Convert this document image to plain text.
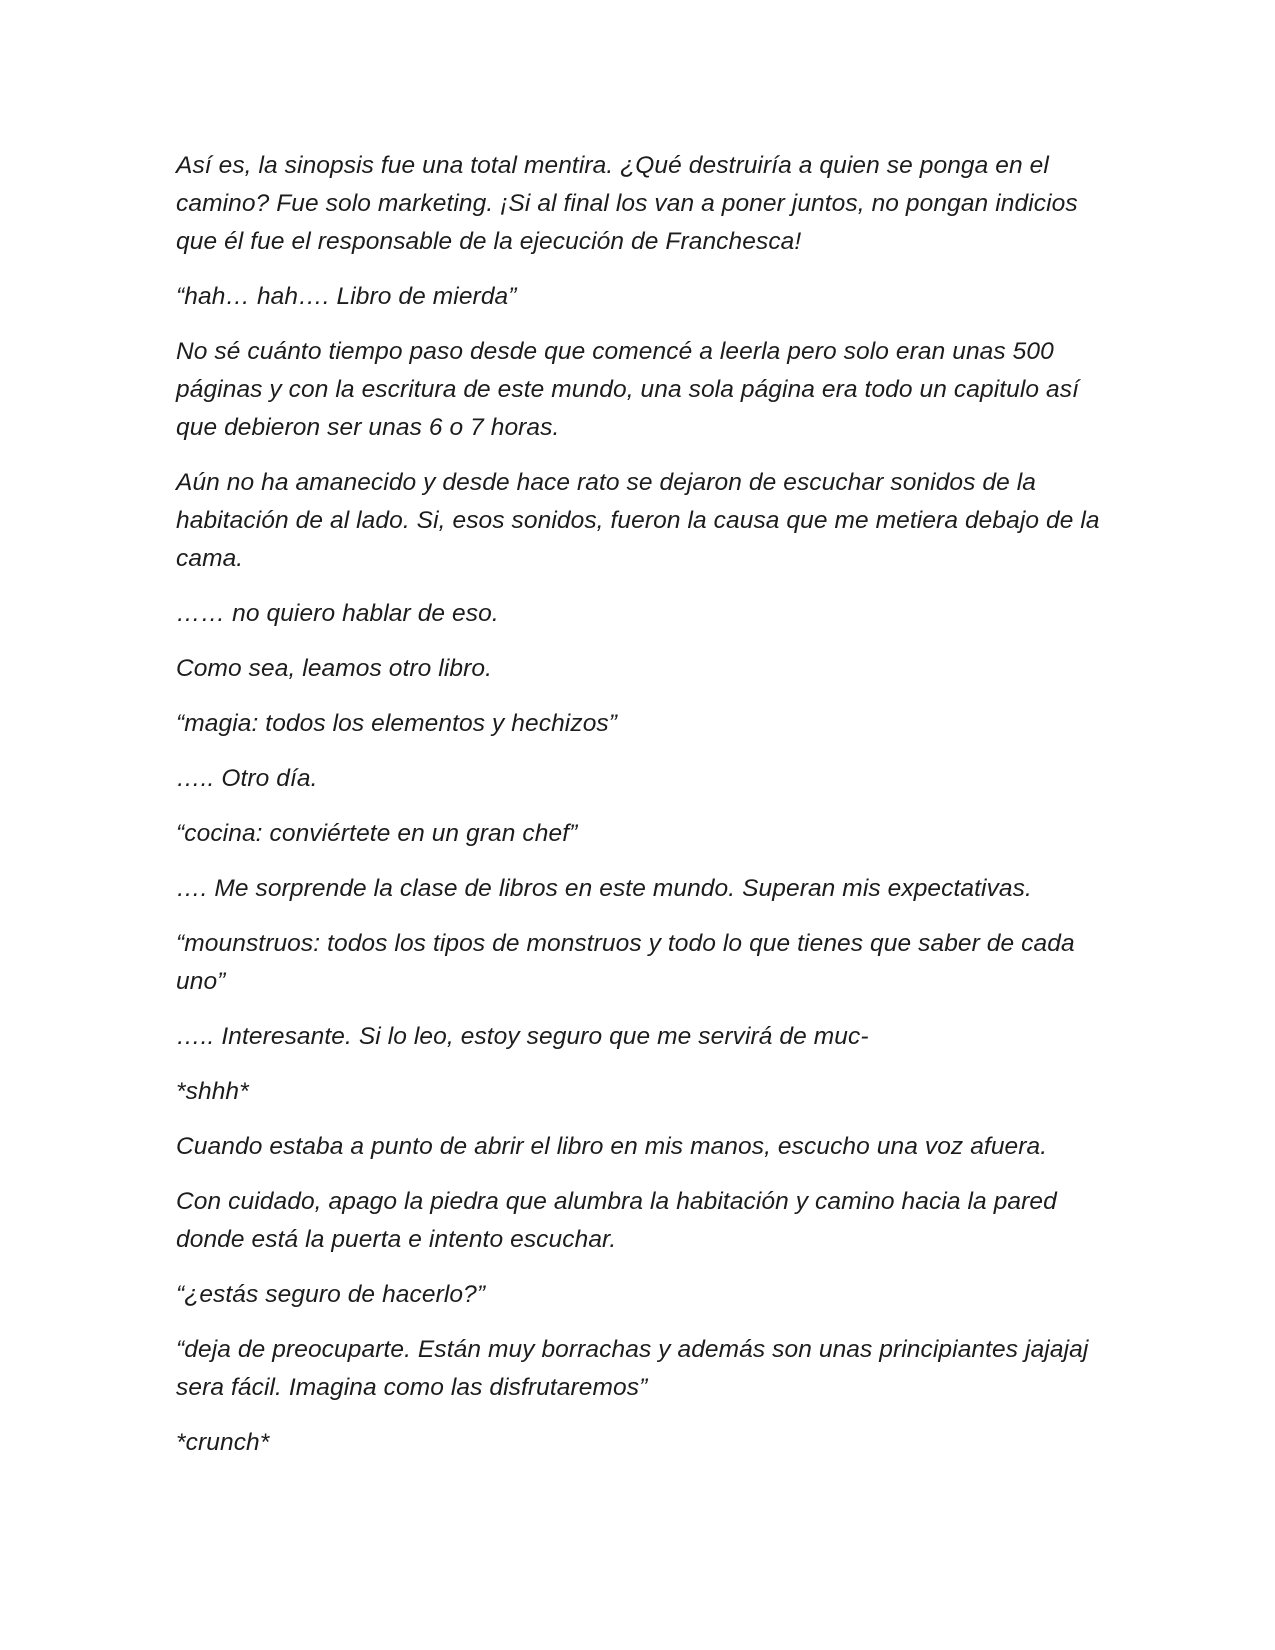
Así es, la sinopsis fue una total mentira. ¿Qué destruiría a quien se ponga en el camino? Fue solo marketing. ¡Si al final los van a poner juntos, no pongan indicios que él fue el responsable de la ejecución de Franchesca!

“hah… hah…. Libro de mierda”

No sé cuánto tiempo paso desde que comencé a leerla pero solo eran unas 500 páginas y con la escritura de este mundo, una sola página era todo un capitulo así que debieron ser unas 6 o 7 horas.

Aún no ha amanecido y desde hace rato se dejaron de escuchar sonidos de la habitación de al lado. Si, esos sonidos, fueron la causa que me metiera debajo de la cama.

…… no quiero hablar de eso.

Como sea, leamos otro libro.

“magia: todos los elementos y hechizos”

….. Otro día.

“cocina: conviértete en un gran chef”

…. Me sorprende la clase de libros en este mundo. Superan mis expectativas.

“mounstruos: todos los tipos de monstruos y todo lo que tienes que saber de cada uno”

….. Interesante. Si lo leo, estoy seguro que me servirá de muc-

*shhh*

Cuando estaba a punto de abrir el libro en mis manos, escucho una voz afuera.

Con cuidado, apago la piedra que alumbra la habitación y camino hacia la pared donde está la puerta e intento escuchar.

“¿estás seguro de hacerlo?”

“deja de preocuparte. Están muy borrachas y además son unas principiantes jajajaj sera fácil. Imagina como las disfrutaremos”

*crunch*
